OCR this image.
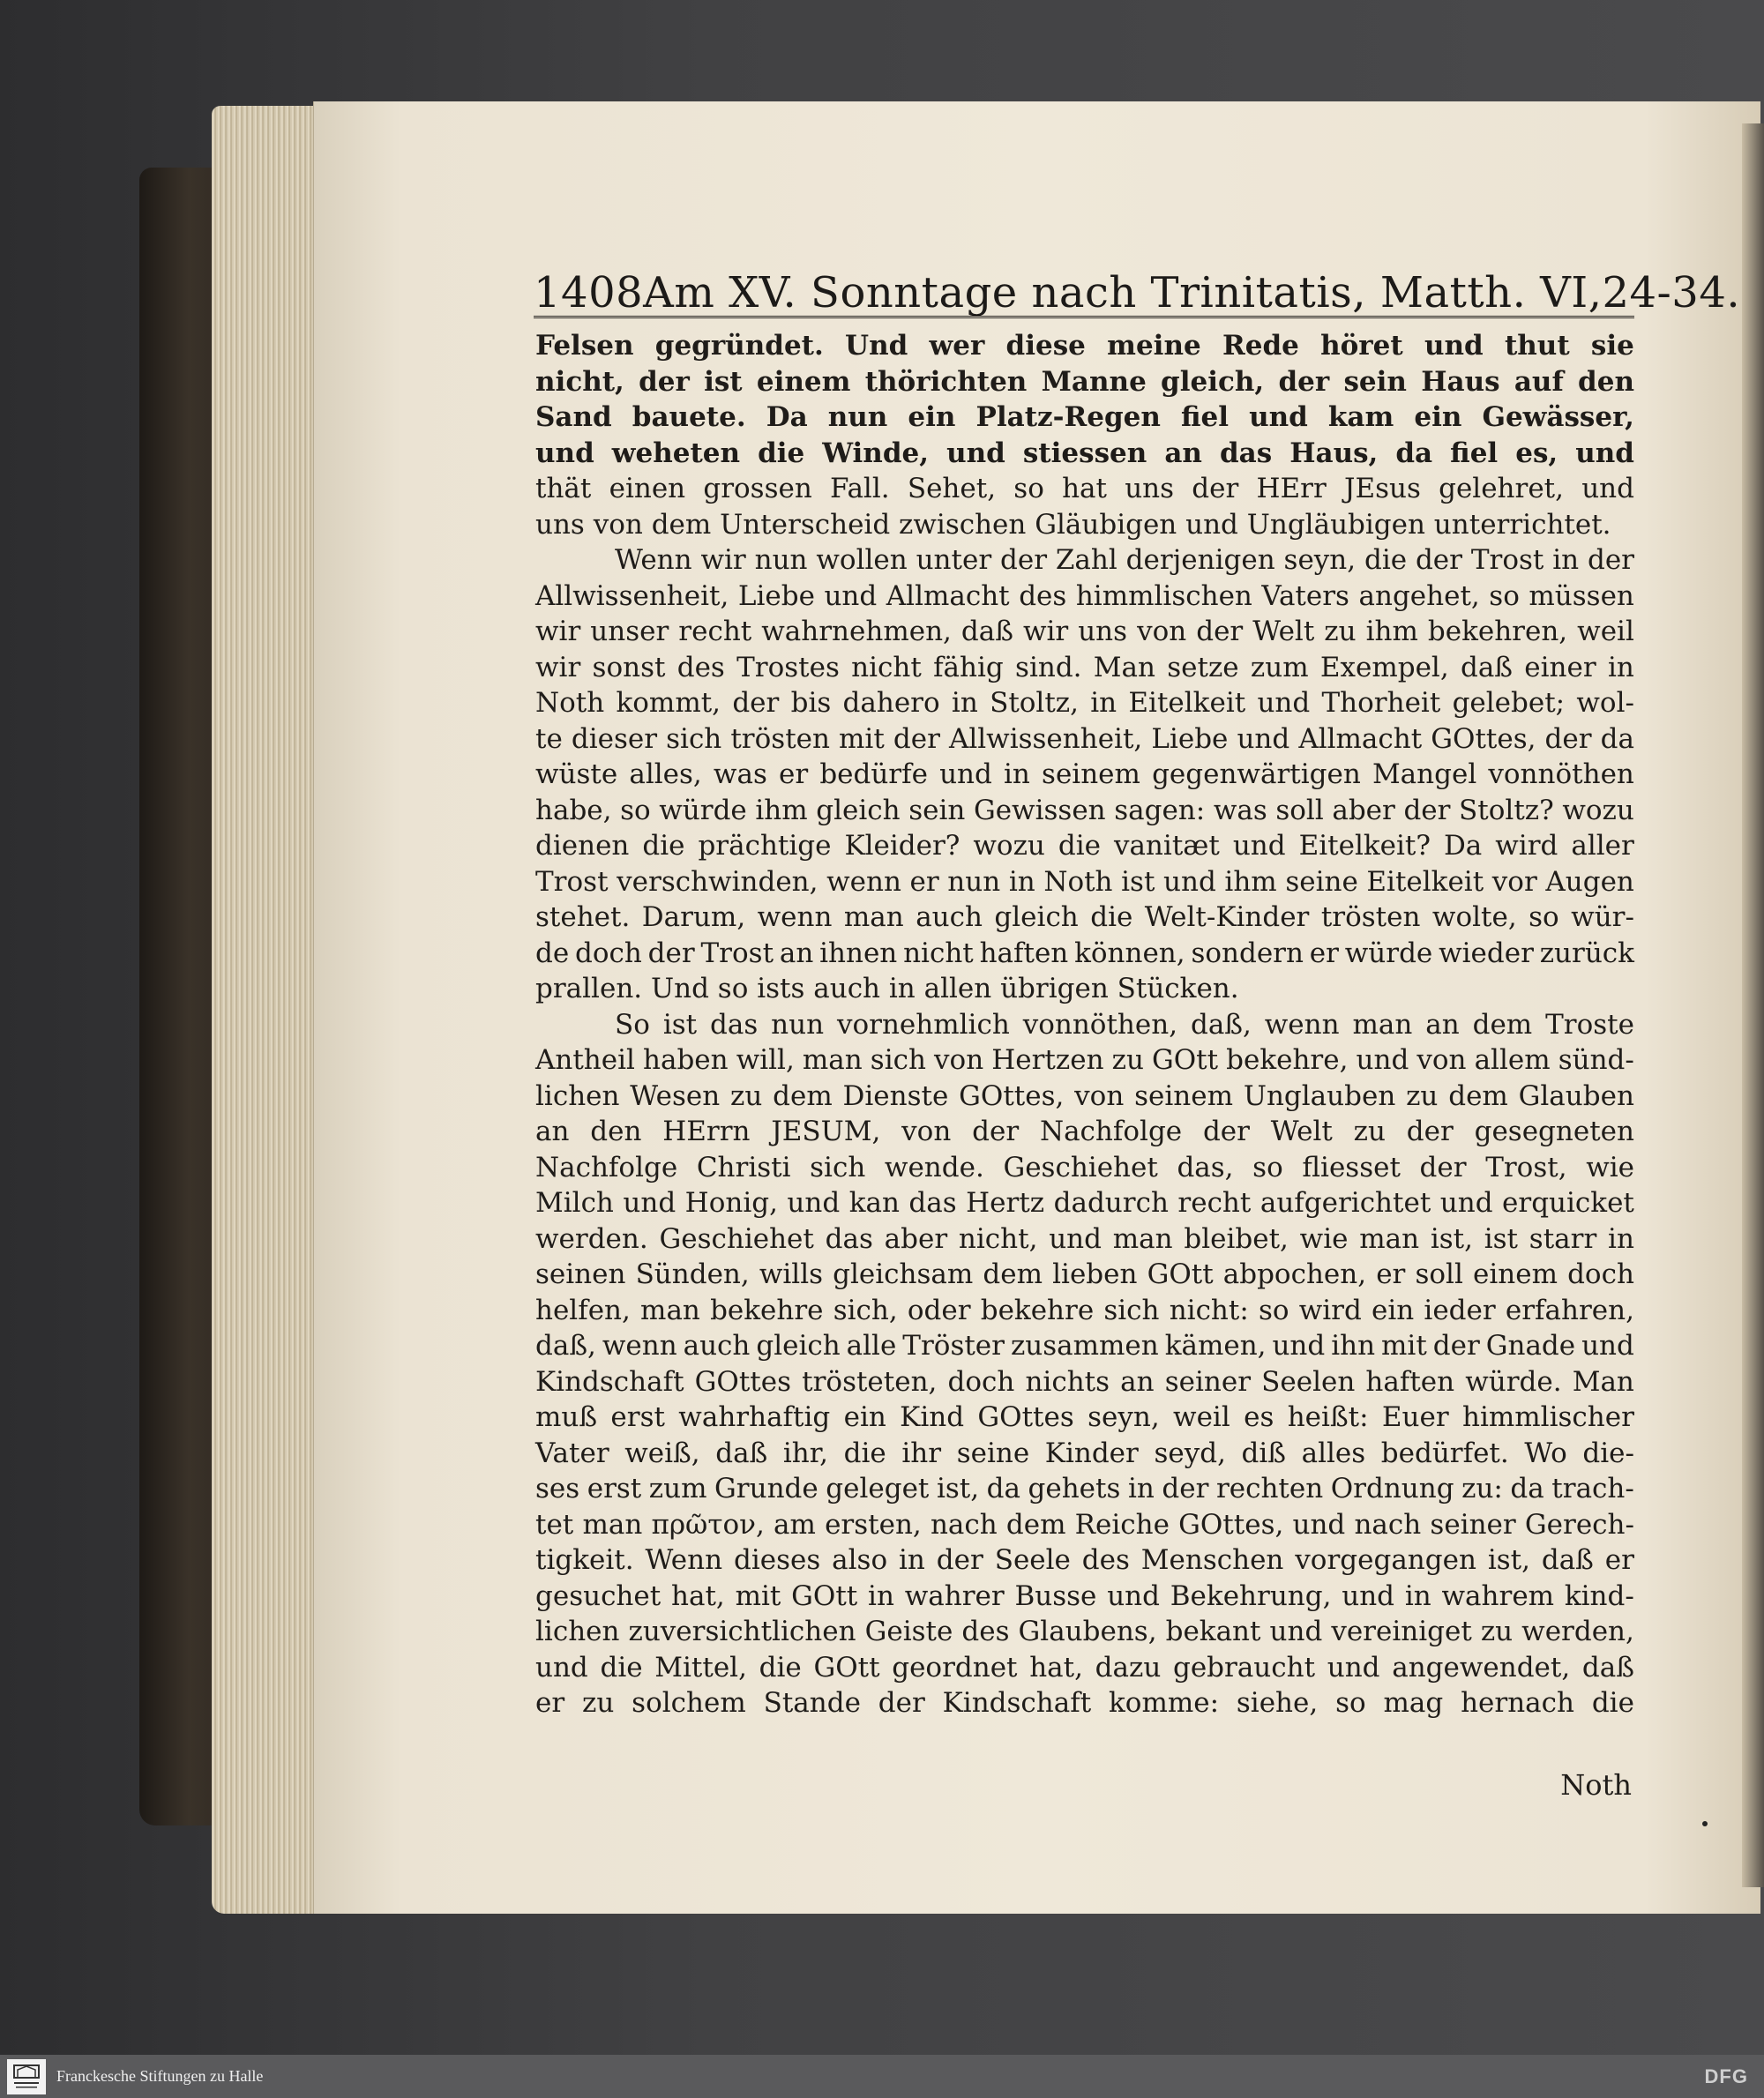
1408 Am XV. Sonntage nach Trinitatis, Matth. VI,24-34.
Felsen gegründet. Und wer diese meine Rede höret und thut sie
nicht, der ist einem thörichten Manne gleich, der sein Haus auf den
Sand bauete. Da nun ein Platz-Regen fiel und kam ein Gewässer,
und weheten die Winde, und stiessen an das Haus, da fiel es, und
thät einen grossen Fall. Sehet, so hat uns der HErr JEsus gelehret, und
uns von dem Unterscheid zwischen Gläubigen und Ungläubigen unterrichtet.
Wenn wir nun wollen unter der Zahl derjenigen seyn, die der Trost in der
Allwissenheit, Liebe und Allmacht des himmlischen Vaters angehet, so müssen
wir unser recht wahrnehmen, daß wir uns von der Welt zu ihm bekehren, weil
wir sonst des Trostes nicht fähig sind. Man setze zum Exempel, daß einer in
Noth kommt, der bis dahero in Stoltz, in Eitelkeit und Thorheit gelebet; wol-
te dieser sich trösten mit der Allwissenheit, Liebe und Allmacht GOttes, der da
wüste alles, was er bedürfe und in seinem gegenwärtigen Mangel vonnöthen
habe, so würde ihm gleich sein Gewissen sagen: was soll aber der Stoltz? wozu
dienen die prächtige Kleider? wozu die vanitæt und Eitelkeit? Da wird aller
Trost verschwinden, wenn er nun in Noth ist und ihm seine Eitelkeit vor Augen
stehet. Darum, wenn man auch gleich die Welt-Kinder trösten wolte, so wür-
de doch der Trost an ihnen nicht haften können, sondern er würde wieder zurück
prallen. Und so ists auch in allen übrigen Stücken.
So ist das nun vornehmlich vonnöthen, daß, wenn man an dem Troste
Antheil haben will, man sich von Hertzen zu GOtt bekehre, und von allem sünd-
lichen Wesen zu dem Dienste GOttes, von seinem Unglauben zu dem Glauben
an den HErrn JESUM, von der Nachfolge der Welt zu der gesegneten
Nachfolge Christi sich wende. Geschiehet das, so fliesset der Trost, wie
Milch und Honig, und kan das Hertz dadurch recht aufgerichtet und erquicket
werden. Geschiehet das aber nicht, und man bleibet, wie man ist, ist starr in
seinen Sünden, wills gleichsam dem lieben GOtt abpochen, er soll einem doch
helfen, man bekehre sich, oder bekehre sich nicht: so wird ein ieder erfahren,
daß, wenn auch gleich alle Tröster zusammen kämen, und ihn mit der Gnade und
Kindschaft GOttes trösteten, doch nichts an seiner Seelen haften würde. Man
muß erst wahrhaftig ein Kind GOttes seyn, weil es heißt: Euer himmlischer
Vater weiß, daß ihr, die ihr seine Kinder seyd, diß alles bedürfet. Wo die-
ses erst zum Grunde geleget ist, da gehets in der rechten Ordnung zu: da trach-
tet man πρῶτον, am ersten, nach dem Reiche GOttes, und nach seiner Gerech-
tigkeit. Wenn dieses also in der Seele des Menschen vorgegangen ist, daß er
gesuchet hat, mit GOtt in wahrer Busse und Bekehrung, und in wahrem kind-
lichen zuversichtlichen Geiste des Glaubens, bekant und vereiniget zu werden,
und die Mittel, die GOtt geordnet hat, dazu gebraucht und angewendet, daß
er zu solchem Stande der Kindschaft komme: siehe, so mag hernach die
Noth
Franckesche Stiftungen zu Halle	DFG
